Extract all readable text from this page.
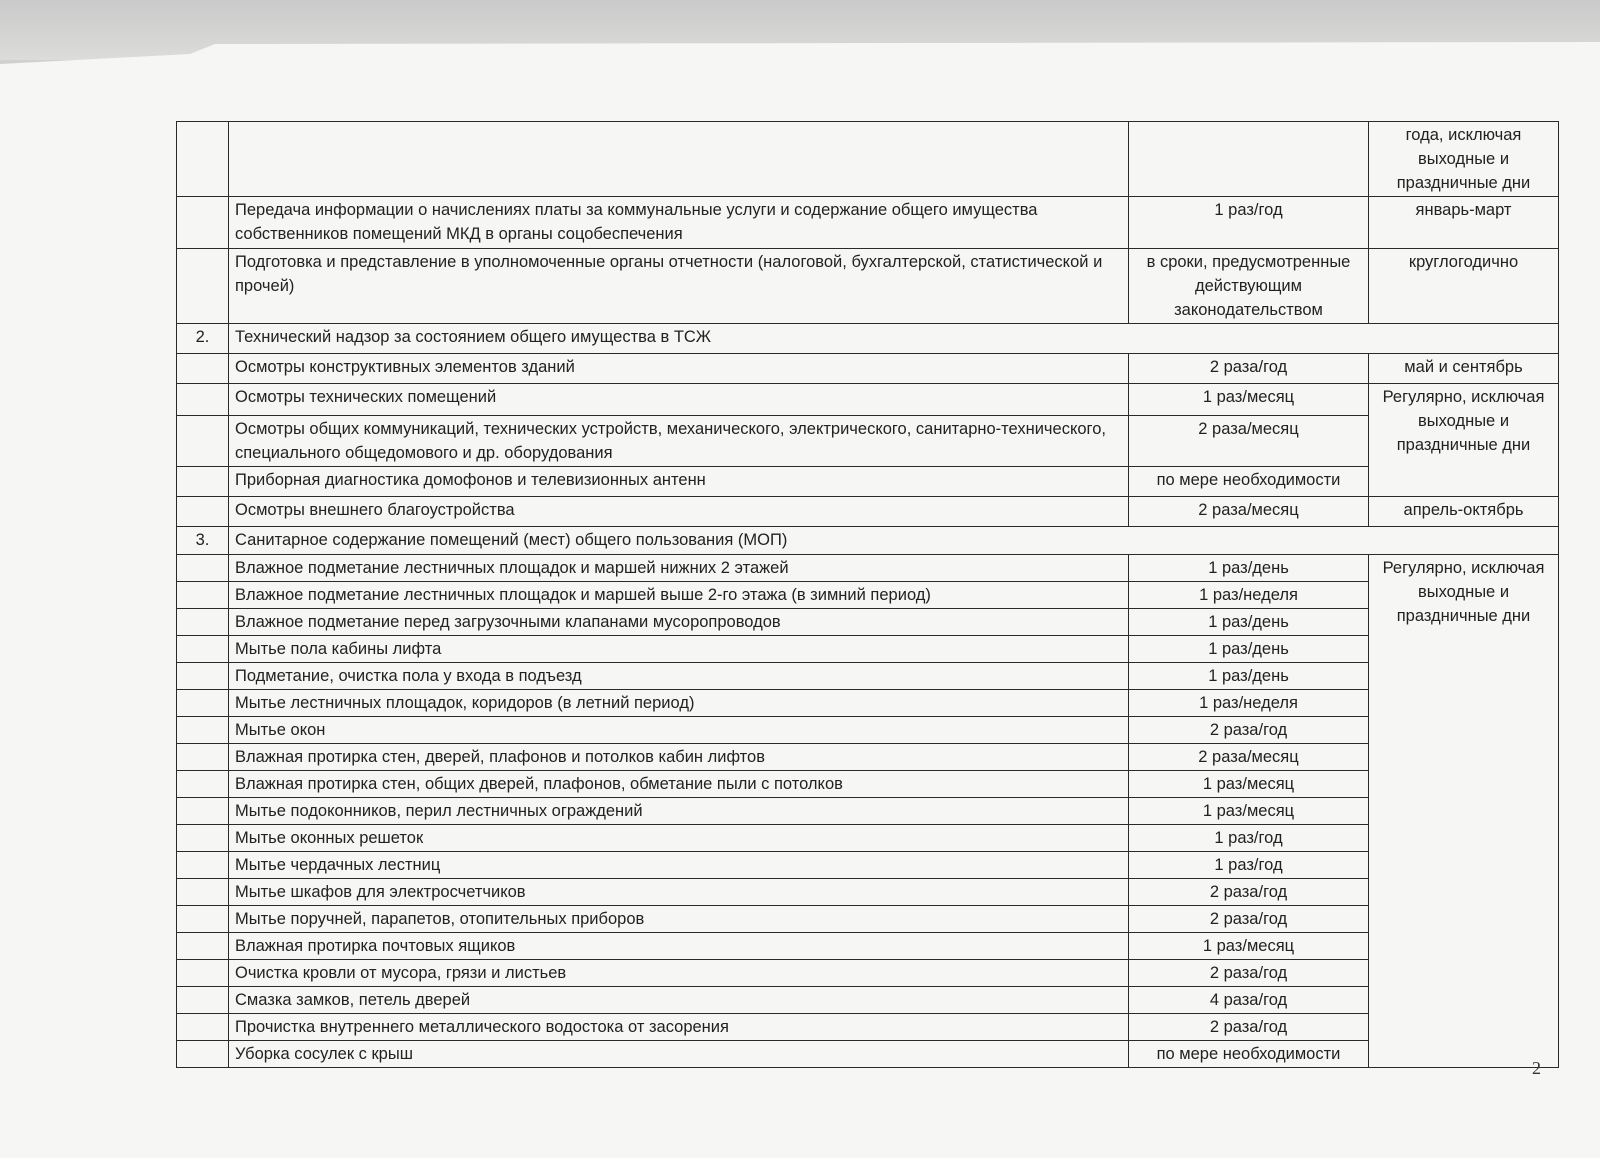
			года, исключая выходные и праздничные дни
	Передача информации о начислениях платы за коммунальные услуги и содержание общего имущества собственников помещений МКД в органы соцобеспечения	1 раз/год	январь-март
	Подготовка и представление в уполномоченные органы отчетности (налоговой, бухгалтерской, статистической и прочей)	в сроки, предусмотренные действующим законодательством	круглогодично
2.	Технический надзор за состоянием общего имущества в ТСЖ		
	Осмотры конструктивных элементов зданий	2 раза/год	май и сентябрь
	Осмотры технических помещений	1 раз/месяц	Регулярно, исключая выходные и праздничные дни
	Осмотры общих коммуникаций, технических устройств, механического, электрического, санитарно-технического, специального общедомового и др. оборудования	2 раза/месяц	
	Приборная диагностика домофонов и телевизионных антенн	по мере необходимости	
	Осмотры внешнего благоустройства	2 раза/месяц	апрель-октябрь
3.	Санитарное содержание помещений (мест) общего пользования (МОП)		
	Влажное подметание лестничных площадок и маршей нижних 2 этажей	1 раз/день	Регулярно, исключая выходные и праздничные дни
	Влажное подметание лестничных площадок и маршей выше 2-го этажа (в зимний период)	1 раз/неделя	
	Влажное подметание перед загрузочными клапанами мусоропроводов	1 раз/день	
	Мытье пола кабины лифта	1 раз/день	
	Подметание, очистка пола у входа в подъезд	1 раз/день	
	Мытье лестничных площадок, коридоров (в летний период)	1 раз/неделя	
	Мытье окон	2 раза/год	
	Влажная протирка стен, дверей, плафонов и потолков кабин лифтов	2 раза/месяц	
	Влажная протирка стен, общих дверей, плафонов, обметание пыли с потолков	1 раз/месяц	
	Мытье подоконников, перил лестничных ограждений	1 раз/месяц	
	Мытье оконных решеток	1 раз/год	
	Мытье чердачных лестниц	1 раз/год	
	Мытье шкафов для электросчетчиков	2 раза/год	
	Мытье поручней, парапетов, отопительных приборов	2 раза/год	
	Влажная протирка почтовых ящиков	1 раз/месяц	
	Очистка кровли от мусора, грязи и листьев	2 раза/год	
	Смазка замков, петель дверей	4 раза/год	
	Прочистка внутреннего металлического водостока от засорения	2 раза/год	
	Уборка сосулек с крыш	по мере необходимости	
2
